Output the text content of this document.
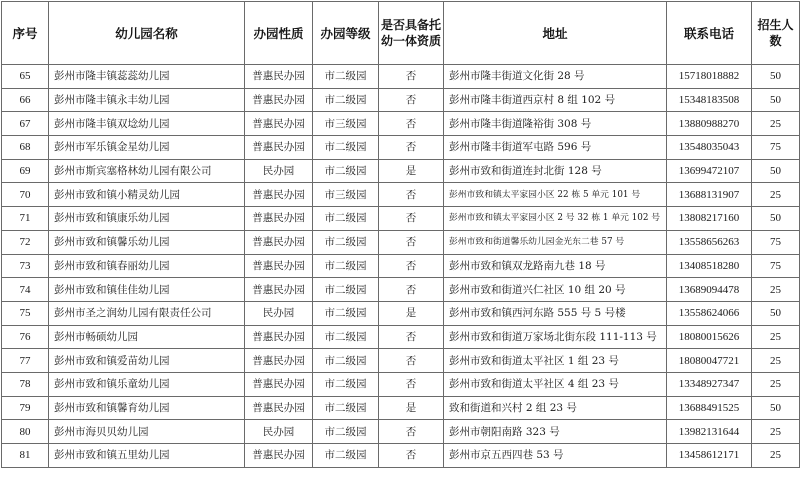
序号	幼儿园名称	办园性质	办园等级	是否具备托幼一体资质	地址	联系电话	招生人数
65	彭州市隆丰镇蕊蕊幼儿园	普惠民办园	市二级园	否	彭州市隆丰街道文化街 28 号	15718018882	50
66	彭州市隆丰镇永丰幼儿园	普惠民办园	市二级园	否	彭州市隆丰街道西京村 8 组 102 号	15348183508	50
67	彭州市隆丰镇双埝幼儿园	普惠民办园	市三级园	否	彭州市隆丰街道隆裕街 308 号	13880988270	25
68	彭州市军乐镇金星幼儿园	普惠民办园	市二级园	否	彭州市隆丰街道军屯路 596 号	13548035043	75
69	彭州市斯宾塞格林幼儿园有限公司	民办园	市二级园	是	彭州市致和街道连封北街 128 号	13699472107	50
70	彭州市致和镇小精灵幼儿园	普惠民办园	市三级园	否	彭州市致和镇太平家园小区 22 栋 5 单元 101 号	13688131907	25
71	彭州市致和镇康乐幼儿园	普惠民办园	市二级园	否	彭州市致和镇太平家园小区 2 号 32 栋 1 单元 102 号	13808217160	50
72	彭州市致和镇馨乐幼儿园	普惠民办园	市二级园	否	彭州市致和街道馨乐幼儿园金光东二巷 57 号	13558656263	75
73	彭州市致和镇春丽幼儿园	普惠民办园	市二级园	否	彭州市致和镇双龙路南九巷 18 号	13408518280	75
74	彭州市致和镇佳佳幼儿园	普惠民办园	市二级园	否	彭州市致和街道兴仁社区 10 组 20 号	13689094478	25
75	彭州市圣之润幼儿园有限责任公司	民办园	市二级园	是	彭州市致和镇西河东路 555 号 5 号楼	13558624066	50
76	彭州市畅硕幼儿园	普惠民办园	市二级园	否	彭州市致和街道万家场北街东段 111-113 号	18080015626	25
77	彭州市致和镇爱苗幼儿园	普惠民办园	市二级园	否	彭州市致和街道太平社区 1 组 23 号	18080047721	25
78	彭州市致和镇乐童幼儿园	普惠民办园	市二级园	否	彭州市致和街道太平社区 4 组 23 号	13348927347	25
79	彭州市致和镇馨育幼儿园	普惠民办园	市二级园	是	致和街道和兴村 2 组 23 号	13688491525	50
80	彭州市海贝贝幼儿园	民办园	市二级园	否	彭州市朝阳南路 323 号	13982131644	25
81	彭州市致和镇五里幼儿园	普惠民办园	市二级园	否	彭州市京五西四巷 53 号	13458612171	25
